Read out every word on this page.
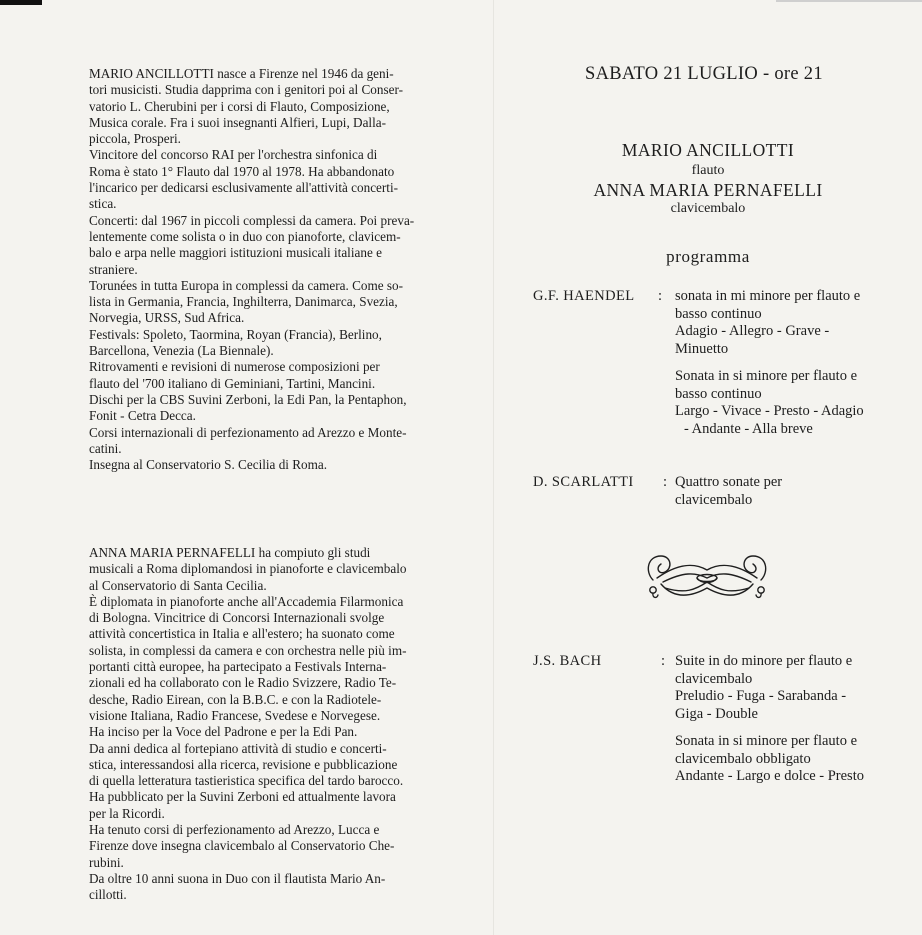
MARIO ANCILLOTTI nasce a Firenze nel 1946 da geni-

tori musicisti. Studia dapprima con i genitori poi al Conser-

vatorio L. Cherubini per i corsi di Flauto, Composizione,

Musica corale. Fra i suoi insegnanti Alfieri, Lupi, Dalla-

piccola, Prosperi.

Vincitore del concorso RAI per l'orchestra sinfonica di

Roma è stato 1° Flauto dal 1970 al 1978. Ha abbandonato

l'incarico per dedicarsi esclusivamente all'attività concerti-

stica.

Concerti: dal 1967 in piccoli complessi da camera. Poi preva-

lentemente come solista o in duo con pianoforte, clavicem-

balo e arpa nelle maggiori istituzioni musicali italiane e

straniere.

Torunées in tutta Europa in complessi da camera. Come so-

lista in Germania, Francia, Inghilterra, Danimarca, Svezia,

Norvegia, URSS, Sud Africa.

Festivals: Spoleto, Taormina, Royan (Francia), Berlino,

Barcellona, Venezia (La Biennale).

Ritrovamenti e revisioni di numerose composizioni per

flauto del '700 italiano di Geminiani, Tartini, Mancini.

Dischi per la CBS Suvini Zerboni, la Edi Pan, la Pentaphon,

Fonit - Cetra Decca.

Corsi internazionali di perfezionamento ad Arezzo e Monte-

catini.

Insegna al Conservatorio S. Cecilia di Roma.

ANNA MARIA PERNAFELLI ha compiuto gli studi

musicali a Roma diplomandosi in pianoforte e clavicembalo

al Conservatorio di Santa Cecilia.

È diplomata in pianoforte anche all'Accademia Filarmonica

di Bologna. Vincitrice di Concorsi Internazionali svolge

attività concertistica in Italia e all'estero; ha suonato come

solista, in complessi da camera e con orchestra nelle più im-

portanti città europee, ha partecipato a Festivals Interna-

zionali ed ha collaborato con le Radio Svizzere, Radio Te-

desche, Radio Eirean, con la B.B.C. e con la Radiotele-

visione Italiana, Radio Francese, Svedese e Norvegese.

Ha inciso per la Voce del Padrone e per la Edi Pan.

Da anni dedica al fortepiano attività di studio e concerti-

stica, interessandosi alla ricerca, revisione e pubblicazione

di quella letteratura tastieristica specifica del tardo barocco.

Ha pubblicato per la Suvini Zerboni ed attualmente lavora

per la Ricordi.

Ha tenuto corsi di perfezionamento ad Arezzo, Lucca e

Firenze dove insegna clavicembalo al Conservatorio Che-

rubini.

Da oltre 10 anni suona in Duo con il flautista Mario An-

cillotti.

SABATO 21 LUGLIO - ore 21
MARIO ANCILLOTTI
flauto
ANNA MARIA PERNAFELLI
clavicembalo
programma
G.F. HAENDEL : sonata in mi minore per flauto e

basso continuo

Adagio - Allegro - Grave -

Minuetto

Sonata in si minore per flauto e

basso continuo

Largo - Vivace - Presto - Adagio

- Andante - Alla breve

D. SCARLATTI : Quattro sonate per

clavicembalo

J.S. BACH	: Suite in do minore per flauto e

clavicembalo

Preludio - Fuga - Sarabanda -

Giga - Double

Sonata in si minore per flauto e

clavicembalo obbligato

Andante - Largo e dolce - Presto
